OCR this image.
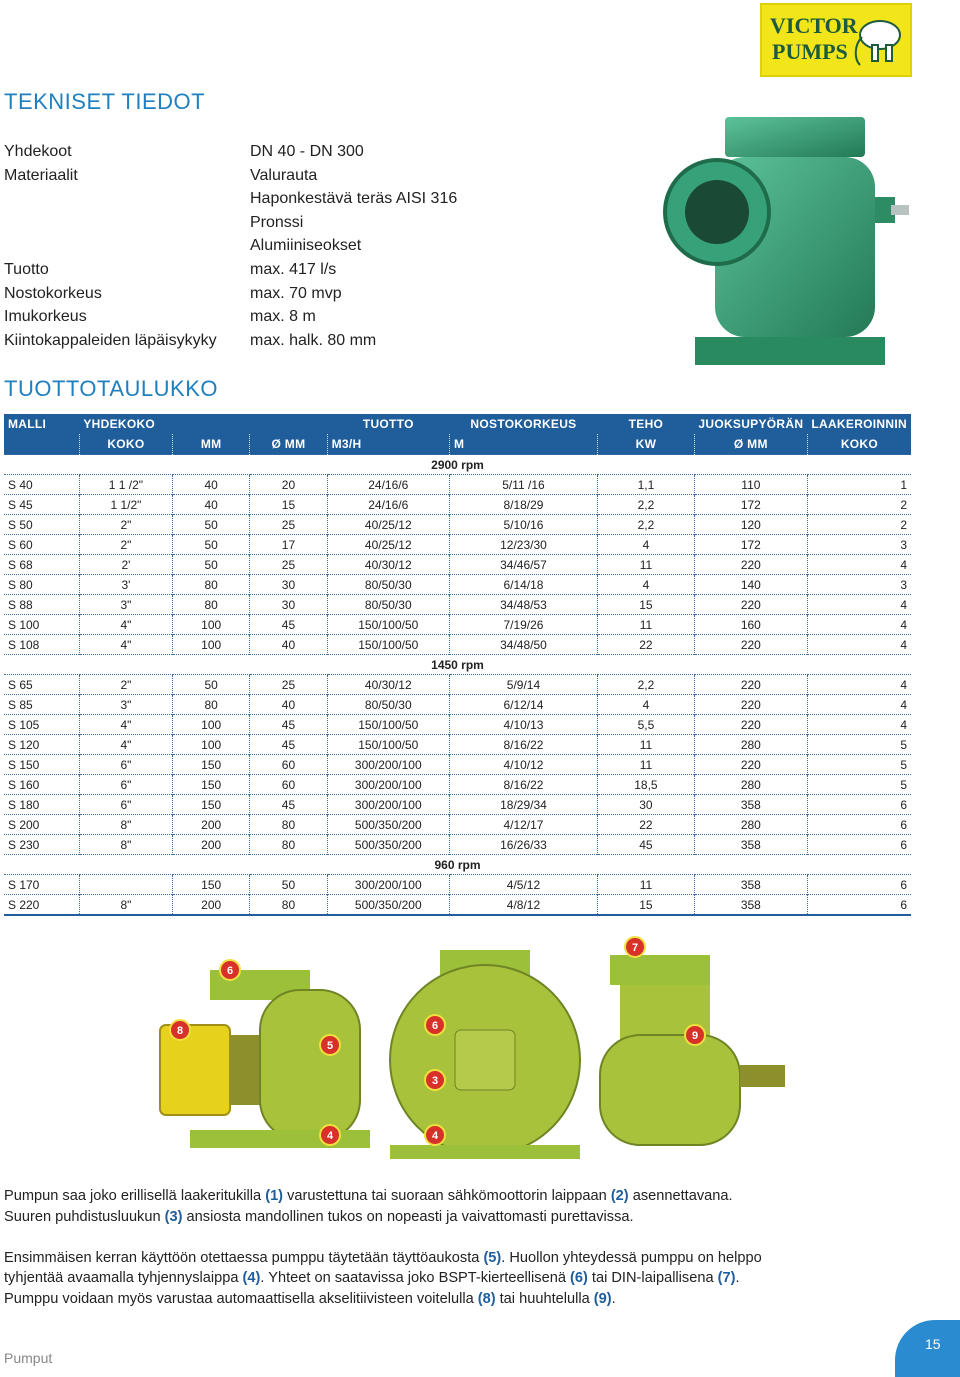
VICTOR
PUMPS
TEKNISET TIEDOT
Yhdekoot	DN 40 - DN 300
Materiaalit	Valurauta
Haponkestävä teräs AISI 316
Pronssi
Alumiiniseokset
Tuotto	max. 417 l/s
Nostokorkeus	max. 70 mvp
Imukorkeus	max. 8 m
Kiintokappaleiden läpäisykyky	max. halk. 80 mm
TUOTTOTAULUKKO
MALLI	YHDEKOKO			TUOTTO	NOSTOKORKEUS	TEHO	JUOKSUPYÖRÄN	LAAKEROINNIN
	KOKO	MM	Ø MM	M3/H	M	KW	Ø MM	KOKO
2900 rpm								
S 40	1 1 /2"	40	20	24/16/6	5/11 /16	1,1	110	1
S 45	1 1/2"	40	15	24/16/6	8/18/29	2,2	172	2
S 50	2"	50	25	40/25/12	5/10/16	2,2	120	2
S 60	2"	50	17	40/25/12	12/23/30	4	172	3
S 68	2'	50	25	40/30/12	34/46/57	11	220	4
S 80	3'	80	30	80/50/30	6/14/18	4	140	3
S 88	3"	80	30	80/50/30	34/48/53	15	220	4
S 100	4"	100	45	150/100/50	7/19/26	11	160	4
S 108	4"	100	40	150/100/50	34/48/50	22	220	4
1450 rpm								
S 65	2"	50	25	40/30/12	5/9/14	2,2	220	4
S 85	3"	80	40	80/50/30	6/12/14	4	220	4
S 105	4"	100	45	150/100/50	4/10/13	5,5	220	4
S 120	4"	100	45	150/100/50	8/16/22	11	280	5
S 150	6"	150	60	300/200/100	4/10/12	11	220	5
S 160	6"	150	60	300/200/100	8/16/22	18,5	280	5
S 180	6"	150	45	300/200/100	18/29/34	30	358	6
S 200	8"	200	80	500/350/200	4/12/17	22	280	6
S 230	8"	200	80	500/350/200	16/26/33	45	358	6
960 rpm								
S 170		150	50	300/200/100	4/5/12	11	358	6
S 220	8"	200	80	500/350/200	4/8/12	15	358	6
6
8
5
4
6
3
4
7
9

Pumpun saa joko erillisellä laakeritukilla (1) varustettuna tai suoraan sähkömoottorin laippaan (2) asennettavana.

Suuren puhdistusluukun (3) ansiosta mandollinen tukos on nopeasti ja vaivattomasti purettavissa.

Ensimmäisen kerran käyttöön otettaessa pumppu täytetään täyttöaukosta (5). Huollon yhteydessä pumppu on helppo

tyhjentää avaamalla tyhjennyslaippa (4). Yhteet on saatavissa joko BSPT-kierteellisenä (6) tai DIN-laipallisena (7).

Pumppu voidaan myös varustaa automaattisella akselitiivisteen voitelulla (8) tai huuhtelulla (9).

Pumput
15
